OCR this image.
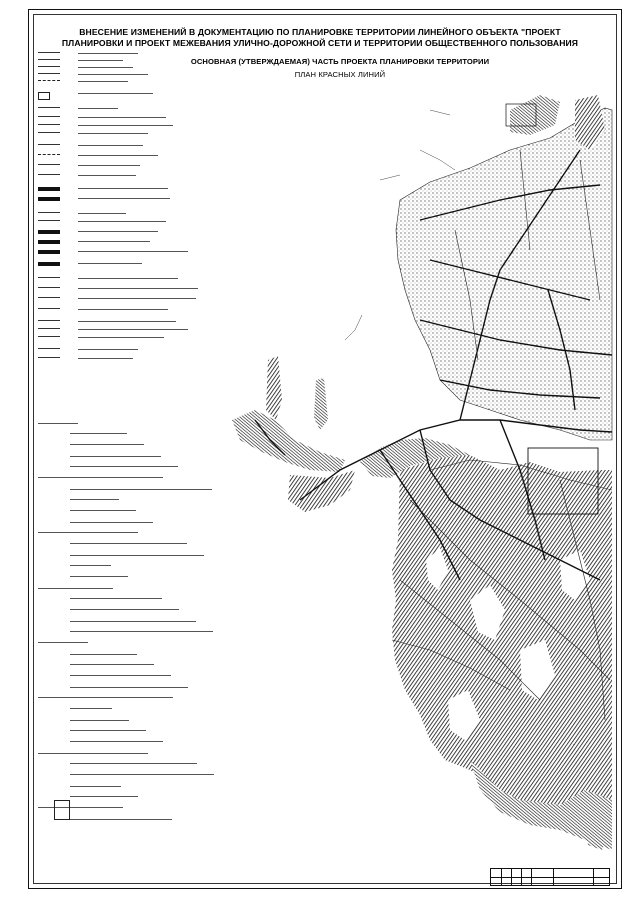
ВНЕСЕНИЕ ИЗМЕНЕНИЙ В ДОКУМЕНТАЦИЮ ПО ПЛАНИРОВКЕ ТЕРРИТОРИИ ЛИНЕЙНОГО ОБЪЕКТА "ПРОЕКТ

ПЛАНИРОВКИ И ПРОЕКТ МЕЖЕВАНИЯ УЛИЧНО-ДОРОЖНОЙ СЕТИ И ТЕРРИТОРИИ ОБЩЕСТВЕННОГО ПОЛЬЗОВАНИЯ

ОСНОВНАЯ (УТВЕРЖДАЕМАЯ) ЧАСТЬ ПРОЕКТА ПЛАНИРОВКИ ТЕРРИТОРИИ
ПЛАН КРАСНЫХ ЛИНИЙ
